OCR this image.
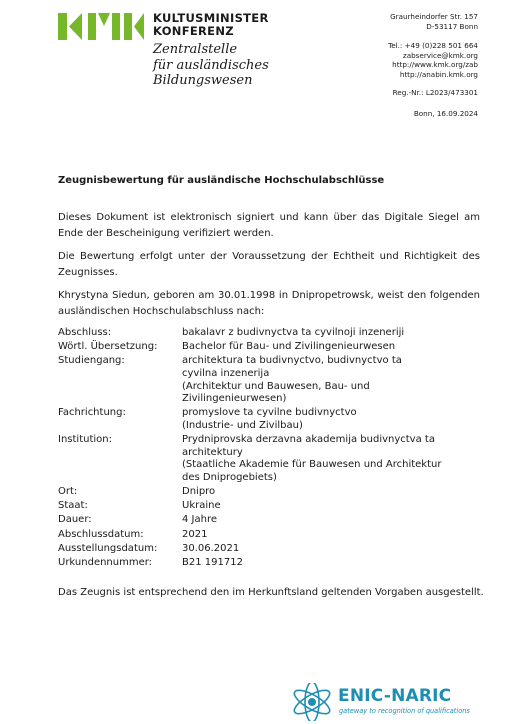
KULTUSMINISTER
KONFERENZ
Zentralstelle
für ausländisches
Bildungswesen
Graurheindorfer Str. 157
D-53117 Bonn
Tel.: +49 (0)228 501 664
zabservice@kmk.org
http://www.kmk.org/zab
http://anabin.kmk.org
Reg.-Nr.: L2023/473301
Bonn, 16.09.2024
Zeugnisbewertung für ausländische Hochschulabschlüsse
Dieses Dokument ist elektronisch signiert und kann über das Digitale Siegel am Ende der Bescheinigung verifiziert werden.
Die Bewertung erfolgt unter der Voraussetzung der Echtheit und Richtigkeit des Zeugnisses.
Khrystyna Siedun, geboren am 30.01.1998 in Dnipropetrowsk, weist den folgenden ausländischen Hochschulabschluss nach:
Abschluss:	bakalavr z budivnyctva ta cyvilnoji inzeneriji
Wörtl. Übersetzung:	Bachelor für Bau- und Zivilingenieurwesen
Studiengang:	architektura ta budivnyctvo, budivnyctvo ta
cyvilna inzenerija
(Architektur und Bauwesen, Bau- und
Zivilingenieurwesen)
Fachrichtung:	promyslove ta cyvilne budivnyctvo
(Industrie- und Zivilbau)
Institution:	Prydniprovska derzavna akademija budivnyctva ta
architektury
(Staatliche Akademie für Bauwesen und Architektur
des Dniprogebiets)
Ort:	Dnipro
Staat:	Ukraine
Dauer:	4 Jahre
Abschlussdatum:	2021
Ausstellungsdatum:	30.06.2021
Urkundennummer:	B21 191712
Das Zeugnis ist entsprechend den im Herkunftsland geltenden Vorgaben ausgestellt.
ENIC-NARIC
gateway to recognition of qualifications
